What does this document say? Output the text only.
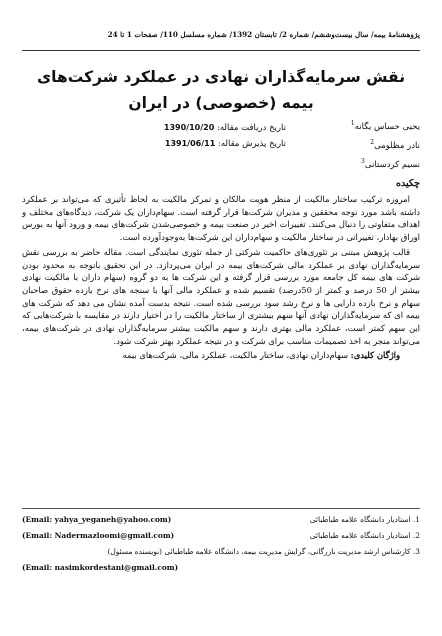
پژوهشنامۀ بیمه/ سال بیست‌وششم/ شماره 2/ تابستان 1392/ شماره مسلسل 110/ صفحات 1 تا 24
نقش سرمایه‌گذاران نهادی در عملکرد شرکت‌های بیمه (خصوصی) در ایران
یحیی حساس یگانه$^1$
نادر مظلومی$^2$
نسیم کردستانی$^3$
تاریخ دریافت مقاله: 1390/10/20
تاریخ پذیرش مقاله: 1391/06/11
چکیده

امروزه ترکیب ساختار مالکیت از منظر هویت مالکان و تمرکز مالکیت به لحاظ تأثیری که می‌تواند بر عملکرد داشته باشد مورد توجه محققین و مدیران شرکت‌ها قرار گرفته است. سهام‌داران یک شرکت، دیدگاه‌های مختلف و اهداف متفاوتی را دنبال می‌کنند. تغییرات اخیر در صنعت بیمه و خصوصی‌شدن شرکت‌های بیمه و ورود آنها به بورس اوراق بهادار، تغییراتی در ساختار مالکیت و سهام‌داران این شرکت‌ها به‌وجودآورده است.

قالب پژوهش مبتنی بر تئوری‌های حاکمیت شرکتی از جمله تئوری نمایندگی است. مقاله حاضر به بررسی نقش سرمایه‌گذاران نهادی بر عملکرد مالی شرکت‌های بیمه در ایران می‌پردازد. در این تحقیق باتوجه به محدود بودن شرکت های بیمه کل جامعه مورد بررسی قرار گرفته و این شرکت ها به دو گروه (سهام داران با مالکیت نهادی بیشتر از 50 درصد و کمتر از 50درصد) تقسیم شده و عملکرد مالی آنها با سنجه های نرخ بازده حقوق صاحبان سهام و نرخ بازده دارایی ها و نرخ رشد سود بررسی شده است. نتیجه بدست آمده نشان می دهد که شرکت های بیمه ای که سرمایه‌گذاران نهادی آنها سهم بیشتری از ساختار مالکیت را در اختیار دارند در مقایسه با شرکت‌هایی که این سهم کمتر است، عملکرد مالی بهتری دارند و سهم مالکیت بیشتر سرمایه‌گذاران نهادی در شرکت‌های بیمه، می‌تواند منجر به اخذ تصمیمات مناسب برای شرکت و در نتیجه عملکرد بهتر شرکت شود.

واژگان کلیدی: سهام‌داران نهادی، ساختار مالکیت، عملکرد مالی، شرکت‌های بیمه

1. استادیار دانشگاه علامه طباطبائی
(Email: yahya_yeganeh@yahoo.com)
2. استادیار دانشگاه علامه طباطبائی
(Email: Nadermazloomi@gmail.com)
3. کارشناس ارشد مدیریت بازرگانی، گرایش مدیریت بیمه، دانشگاه علامه طباطبائی (نویسنده مسئول)
(Email: nasimkordestani@gmail.com)
